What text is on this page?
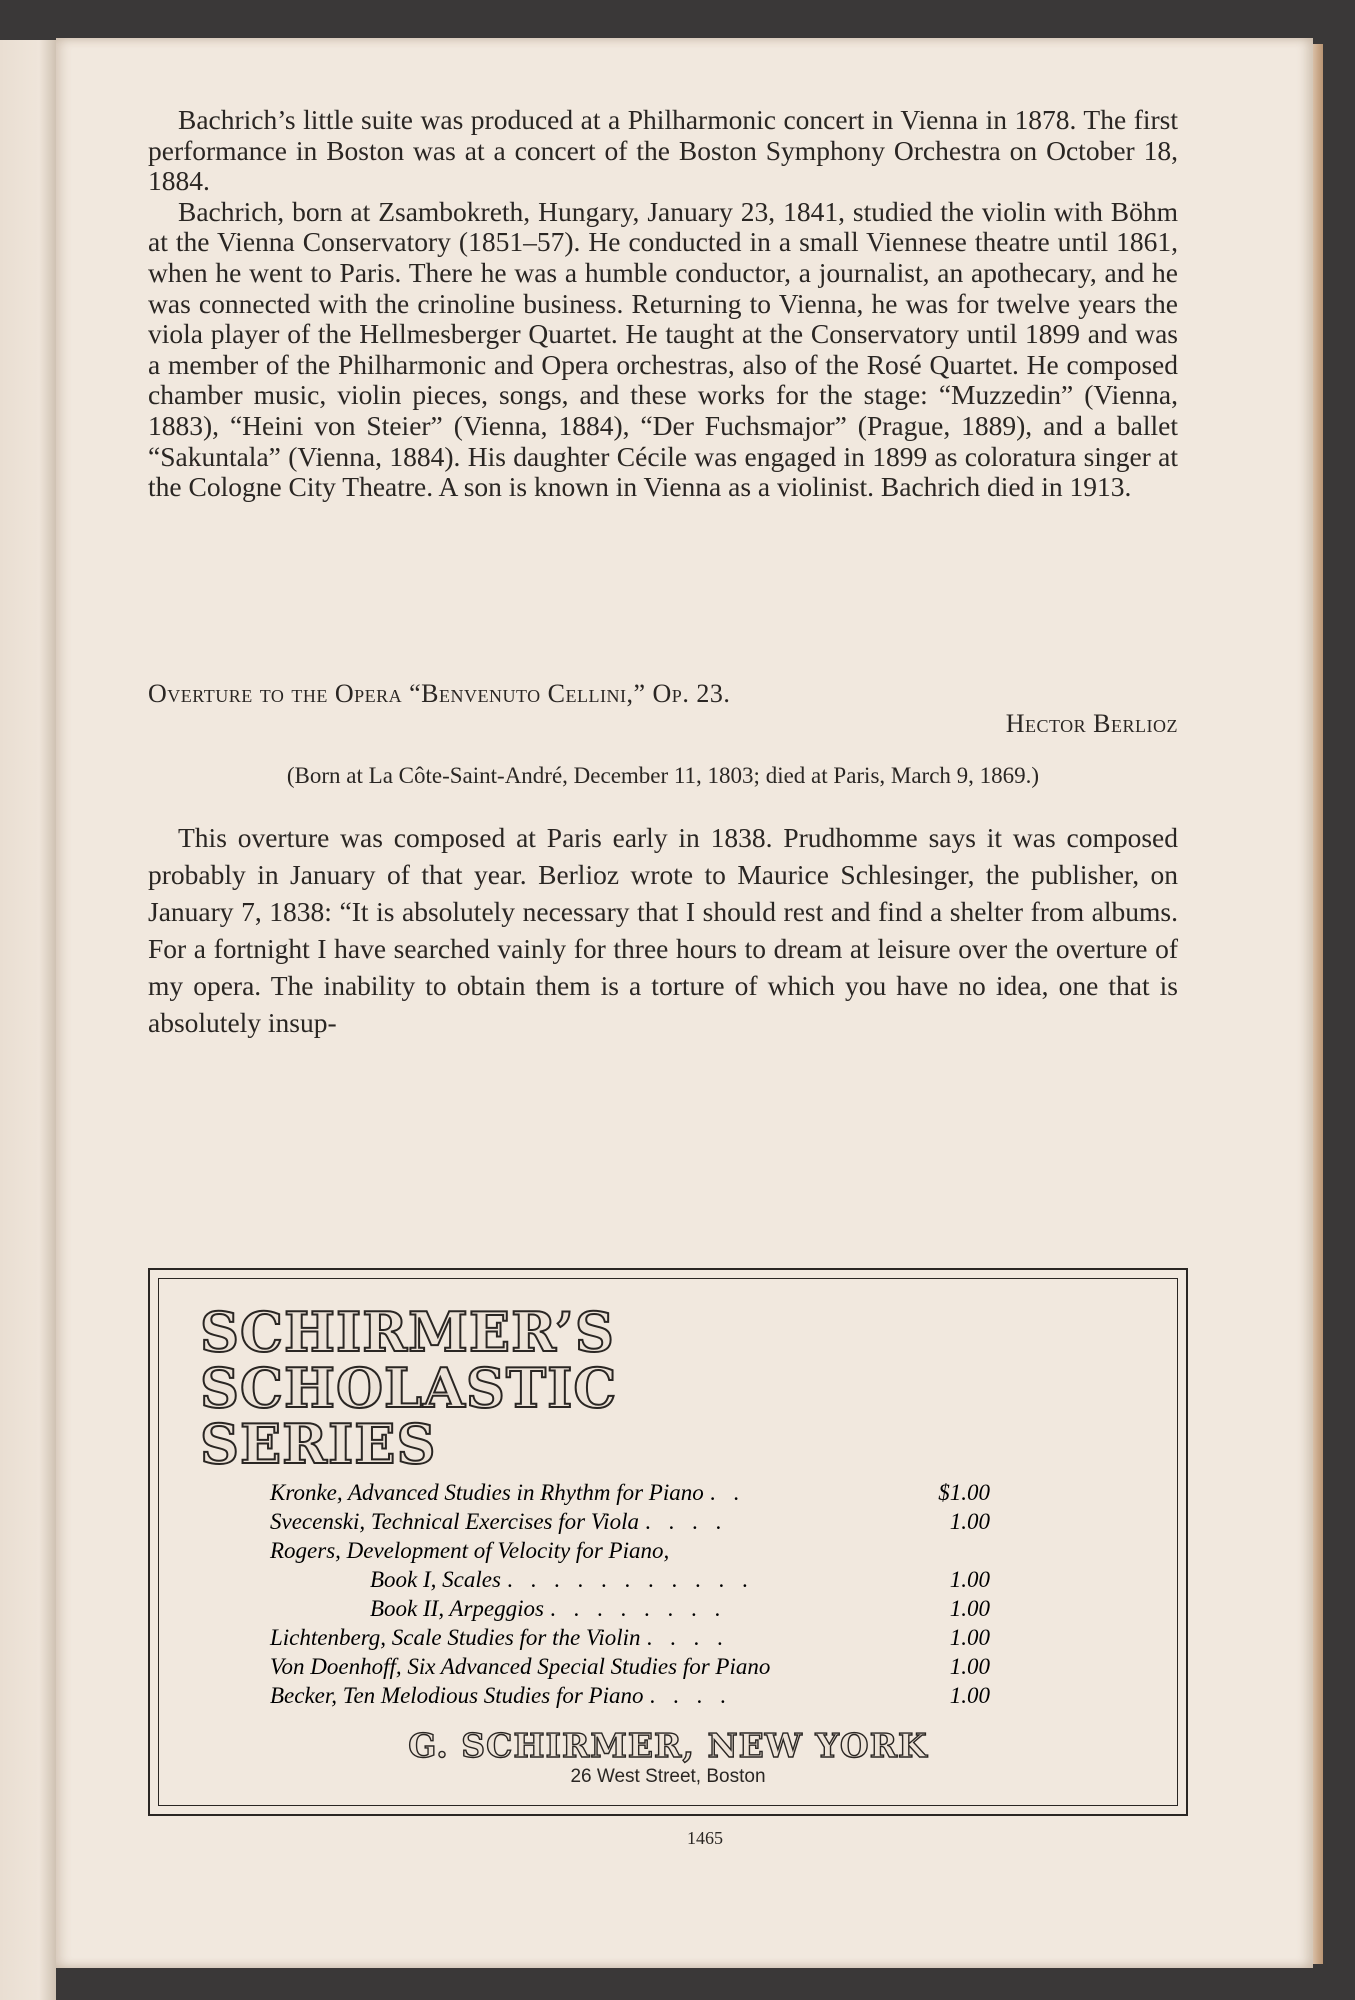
Bachrich’s little suite was produced at a Philharmonic concert in Vienna in 1878. The first performance in Boston was at a concert of the Boston Symphony Orchestra on October 18, 1884.

Bachrich, born at Zsambokreth, Hungary, January 23, 1841, studied the violin with Böhm at the Vienna Conservatory (1851–57). He conducted in a small Viennese theatre until 1861, when he went to Paris. There he was a humble conductor, a journalist, an apothecary, and he was connected with the crinoline business. Returning to Vienna, he was for twelve years the viola player of the Hellmesberger Quartet. He taught at the Conservatory until 1899 and was a member of the Philharmonic and Opera orchestras, also of the Rosé Quartet. He composed chamber music, violin pieces, songs, and these works for the stage: “Muzzedin” (Vienna, 1883), “Heini von Steier” (Vienna, 1884), “Der Fuchsmajor” (Prague, 1889), and a ballet “Sakuntala” (Vienna, 1884). His daughter Cécile was engaged in 1899 as coloratura singer at the Cologne City Theatre. A son is known in Vienna as a violinist. Bachrich died in 1913.

Overture to the Opera “Benvenuto Cellini,” Op. 23.
Hector Berlioz
(Born at La Côte-Saint-André, December 11, 1803; died at Paris, March 9, 1869.)

This overture was composed at Paris early in 1838. Prudhomme says it was composed probably in January of that year. Berlioz wrote to Maurice Schlesinger, the publisher, on January 7, 1838: “It is absolutely necessary that I should rest and find a shelter from albums. For a fortnight I have searched vainly for three hours to dream at leisure over the overture of my opera. The inability to obtain them is a torture of which you have no idea, one that is absolutely insup-

SCHIRMER’S
SCHOLASTIC
SERIES
Kronke, Advanced Studies in Rhythm for Piano . .	$1.00
Svecenski, Technical Exercises for Viola . . . .	1.00
Rogers, Development of Velocity for Piano,
Book I, Scales . . . . . . . . . . .	1.00
Book II, Arpeggios . . . . . . . .	1.00
Lichtenberg, Scale Studies for the Violin . . . .	1.00
Von Doenhoff, Six Advanced Special Studies for Piano	1.00
Becker, Ten Melodious Studies for Piano . . . .	1.00
G. SCHIRMER, NEW YORK
26 West Street, Boston
1465
